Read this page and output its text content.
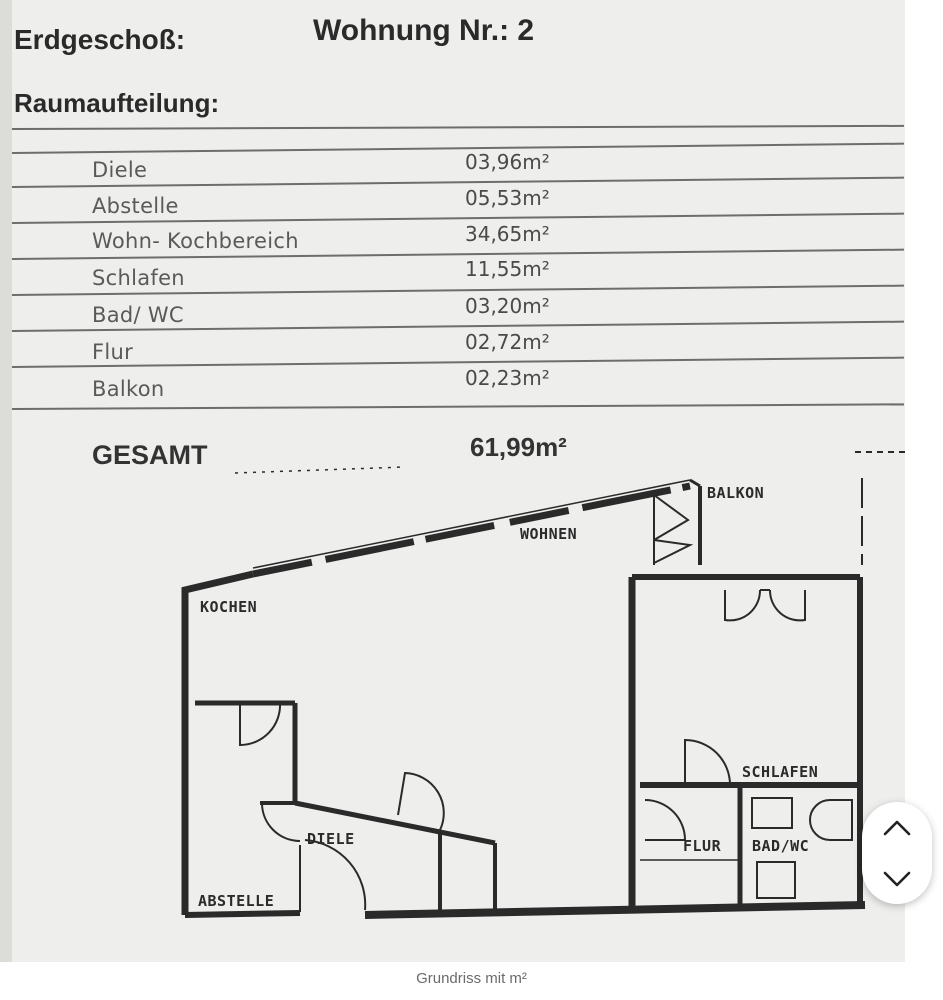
Erdgeschoß:	Wohnung Nr.: 2
Raumaufteilung:
Diele	03,96m²
Abstelle	05,53m²
Wohn- Kochbereich	34,65m²
Schlafen	11,55m²
Bad/ WC	03,20m²
Flur	02,72m²
Balkon	02,23m²
GESAMT	61,99m²
BALKON
WOHNEN
KOCHEN
SCHLAFEN
DIELE	FLUR BAD/WC
ABSTELLE
Grundriss mit m²
